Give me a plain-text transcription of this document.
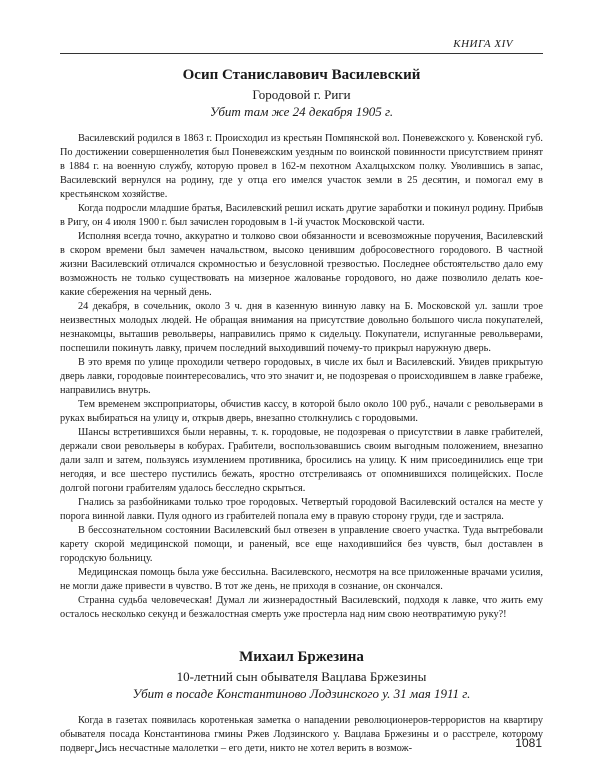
КНИГА XIV
Осип Станиславович Василевский
Городовой г. Риги
Убит там же 24 декабря 1905 г.

Василевский родился в 1863 г. Происходил из крестьян Помпянской вол. Поневежского у. Ковенской губ. По достижении совершеннолетия был Поневежским уездным по воинской повинности присутствием принят в 1884 г. на военную службу, которую провел в 162-м пехотном Ахалцыхском полку. Уволившись в запас, Василевский вернулся на родину, где у отца его имелся участок земли в 25 десятин, и помогал ему в крестьянском хозяйстве.

Когда подросли младшие братья, Василевский решил искать другие заработки и покинул родину. Прибыв в Ригу, он 4 июля 1900 г. был зачислен городовым в 1-й участок Московской части.

Исполняя всегда точно, аккуратно и толково свои обязанности и всевозможные поручения, Василевский в скором времени был замечен начальством, высоко ценившим добросовестного городового. В частной жизни Василевский отличался скромностью и безусловной трезвостью. Последнее обстоятельство дало ему возможность не только существовать на мизерное жалованье городового, но даже позволило делать кое-какие сбережения на черный день.

24 декабря, в сочельник, около 3 ч. дня в казенную винную лавку на Б. Московской ул. зашли трое неизвестных молодых людей. Не обращая внимания на присутствие довольно большого числа покупателей, незнакомцы, выташив револьверы, направились прямо к сидельцу. Покупатели, испуганные револьверами, поспешили покинуть лавку, причем последний выходивший почему-то прикрыл наружную дверь.

В это время по улице проходили четверо городовых, в числе их был и Василевский. Увидев прикрытую дверь лавки, городовые поинтересовались, что это значит и, не подозревая о происходившем в лавке грабеже, направились внутрь.

Тем временем экспроприаторы, обчистив кассу, в которой было около 100 руб., начали с револьверами в руках выбираться на улицу и, открыв дверь, внезапно столкнулись с городовыми.

Шансы встретившихся были неравны, т. к. городовые, не подозревая о присутствии в лавке грабителей, держали свои револьверы в кобурах. Грабители, воспользовавшись своим выгодным положением, внезапно дали залп и затем, пользуясь изумлением противника, бросились на улицу. К ним присоединились еще три негодяя, и все шестеро пустились бежать, яростно отстреливаясь от опомнившихся полицейских. После долгой погони грабителям удалось бесследно скрыться.

Гнались за разбойниками только трое городовых. Четвертый городовой Василевский остался на месте у порога винной лавки. Пуля одного из грабителей попала ему в правую сторону груди, где и застряла.

В бессознательном состоянии Василевский был отвезен в управление своего участка. Туда вытребовали карету скорой медицинской помощи, и раненый, все еще находившийся без чувств, был доставлен в городскую больницу.

Медицинская помощь была уже бессильна. Василевского, несмотря на все приложенные врачами усилия, не могли даже привести в чувство. В тот же день, не приходя в сознание, он скончался.

Странна судьба человеческая! Думал ли жизнерадостный Василевский, подходя к лавке, что жить ему осталось несколько секунд и безжалостная смерть уже простерла над ним свою неотвратимую руку?!

Михаил Бржезина
10-летний сын обывателя Вацлава Бржезины
Убит в посаде Константиново Лодзинского у. 31 мая 1911 г.

Когда в газетах появилась коротенькая заметка о нападении революционеров-террористов на квартиру обывателя посада Константинова гмины Ржев Лодзинского у. Вацлава Бржезины и о расстреле, которому подвергلись несчастные малолетки – его дети, никто не хотел верить в возмож-	1081
